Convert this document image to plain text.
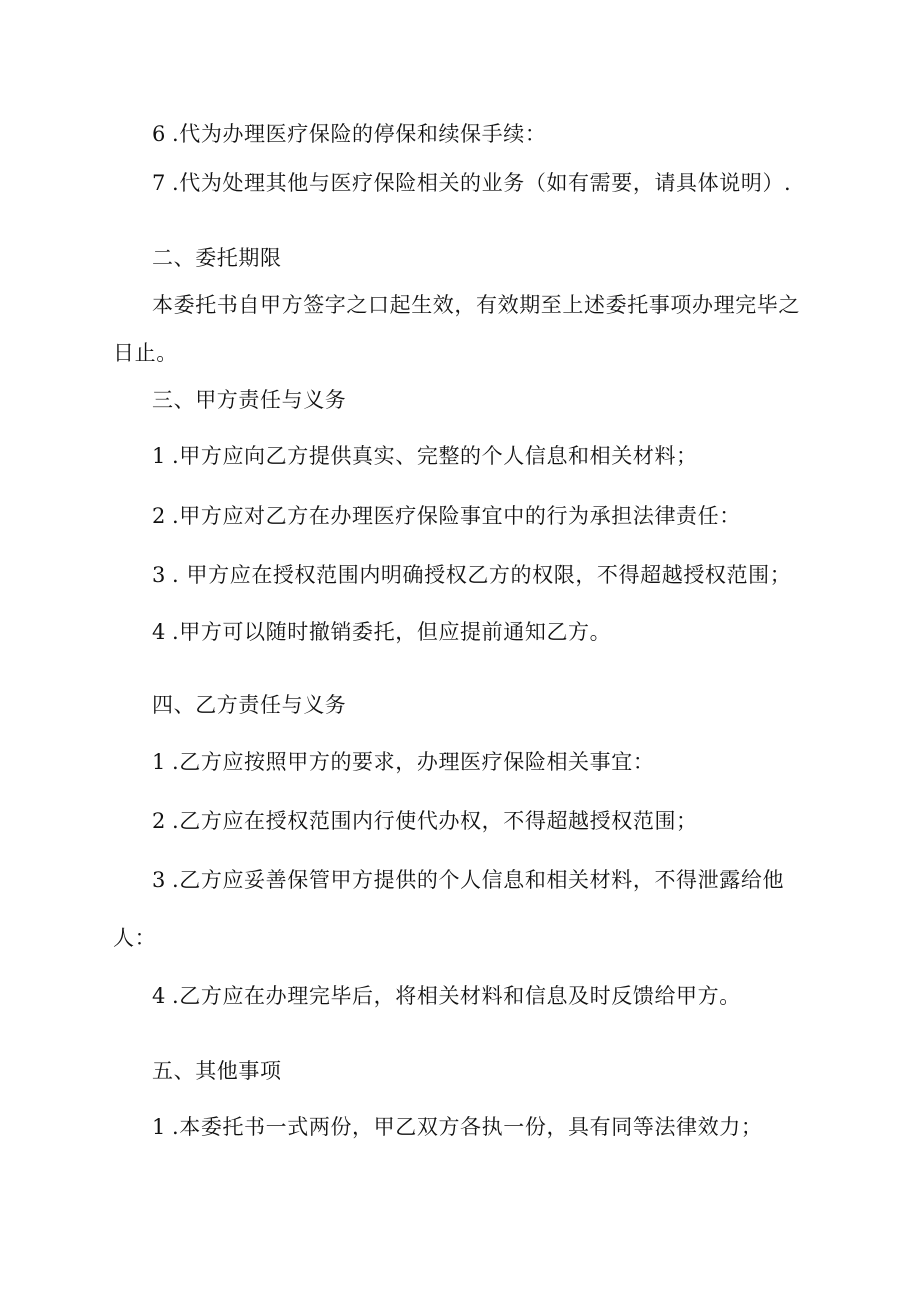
6 .代为办理医疗保险的停保和续保手续：
7 .代为处理其他与医疗保险相关的业务（如有需要，请具体说明）.
二、委托期限
本委托书自甲方签字之口起生效，有效期至上述委托事项办理完毕之
日止。
三、甲方责任与义务
1 .甲方应向乙方提供真实、完整的个人信息和相关材料；
2 .甲方应对乙方在办理医疗保险事宜中的行为承担法律责任：
3 . 甲方应在授权范围内明确授权乙方的权限，不得超越授权范围；
4 .甲方可以随时撤销委托，但应提前通知乙方。
四、乙方责任与义务
1 .乙方应按照甲方的要求，办理医疗保险相关事宜：
2 .乙方应在授权范围内行使代办权，不得超越授权范围；
3 .乙方应妥善保管甲方提供的个人信息和相关材料，不得泄露给他
人：
4 .乙方应在办理完毕后，将相关材料和信息及时反馈给甲方。
五、其他事项
1 .本委托书一式两份，甲乙双方各执一份，具有同等法律效力；
